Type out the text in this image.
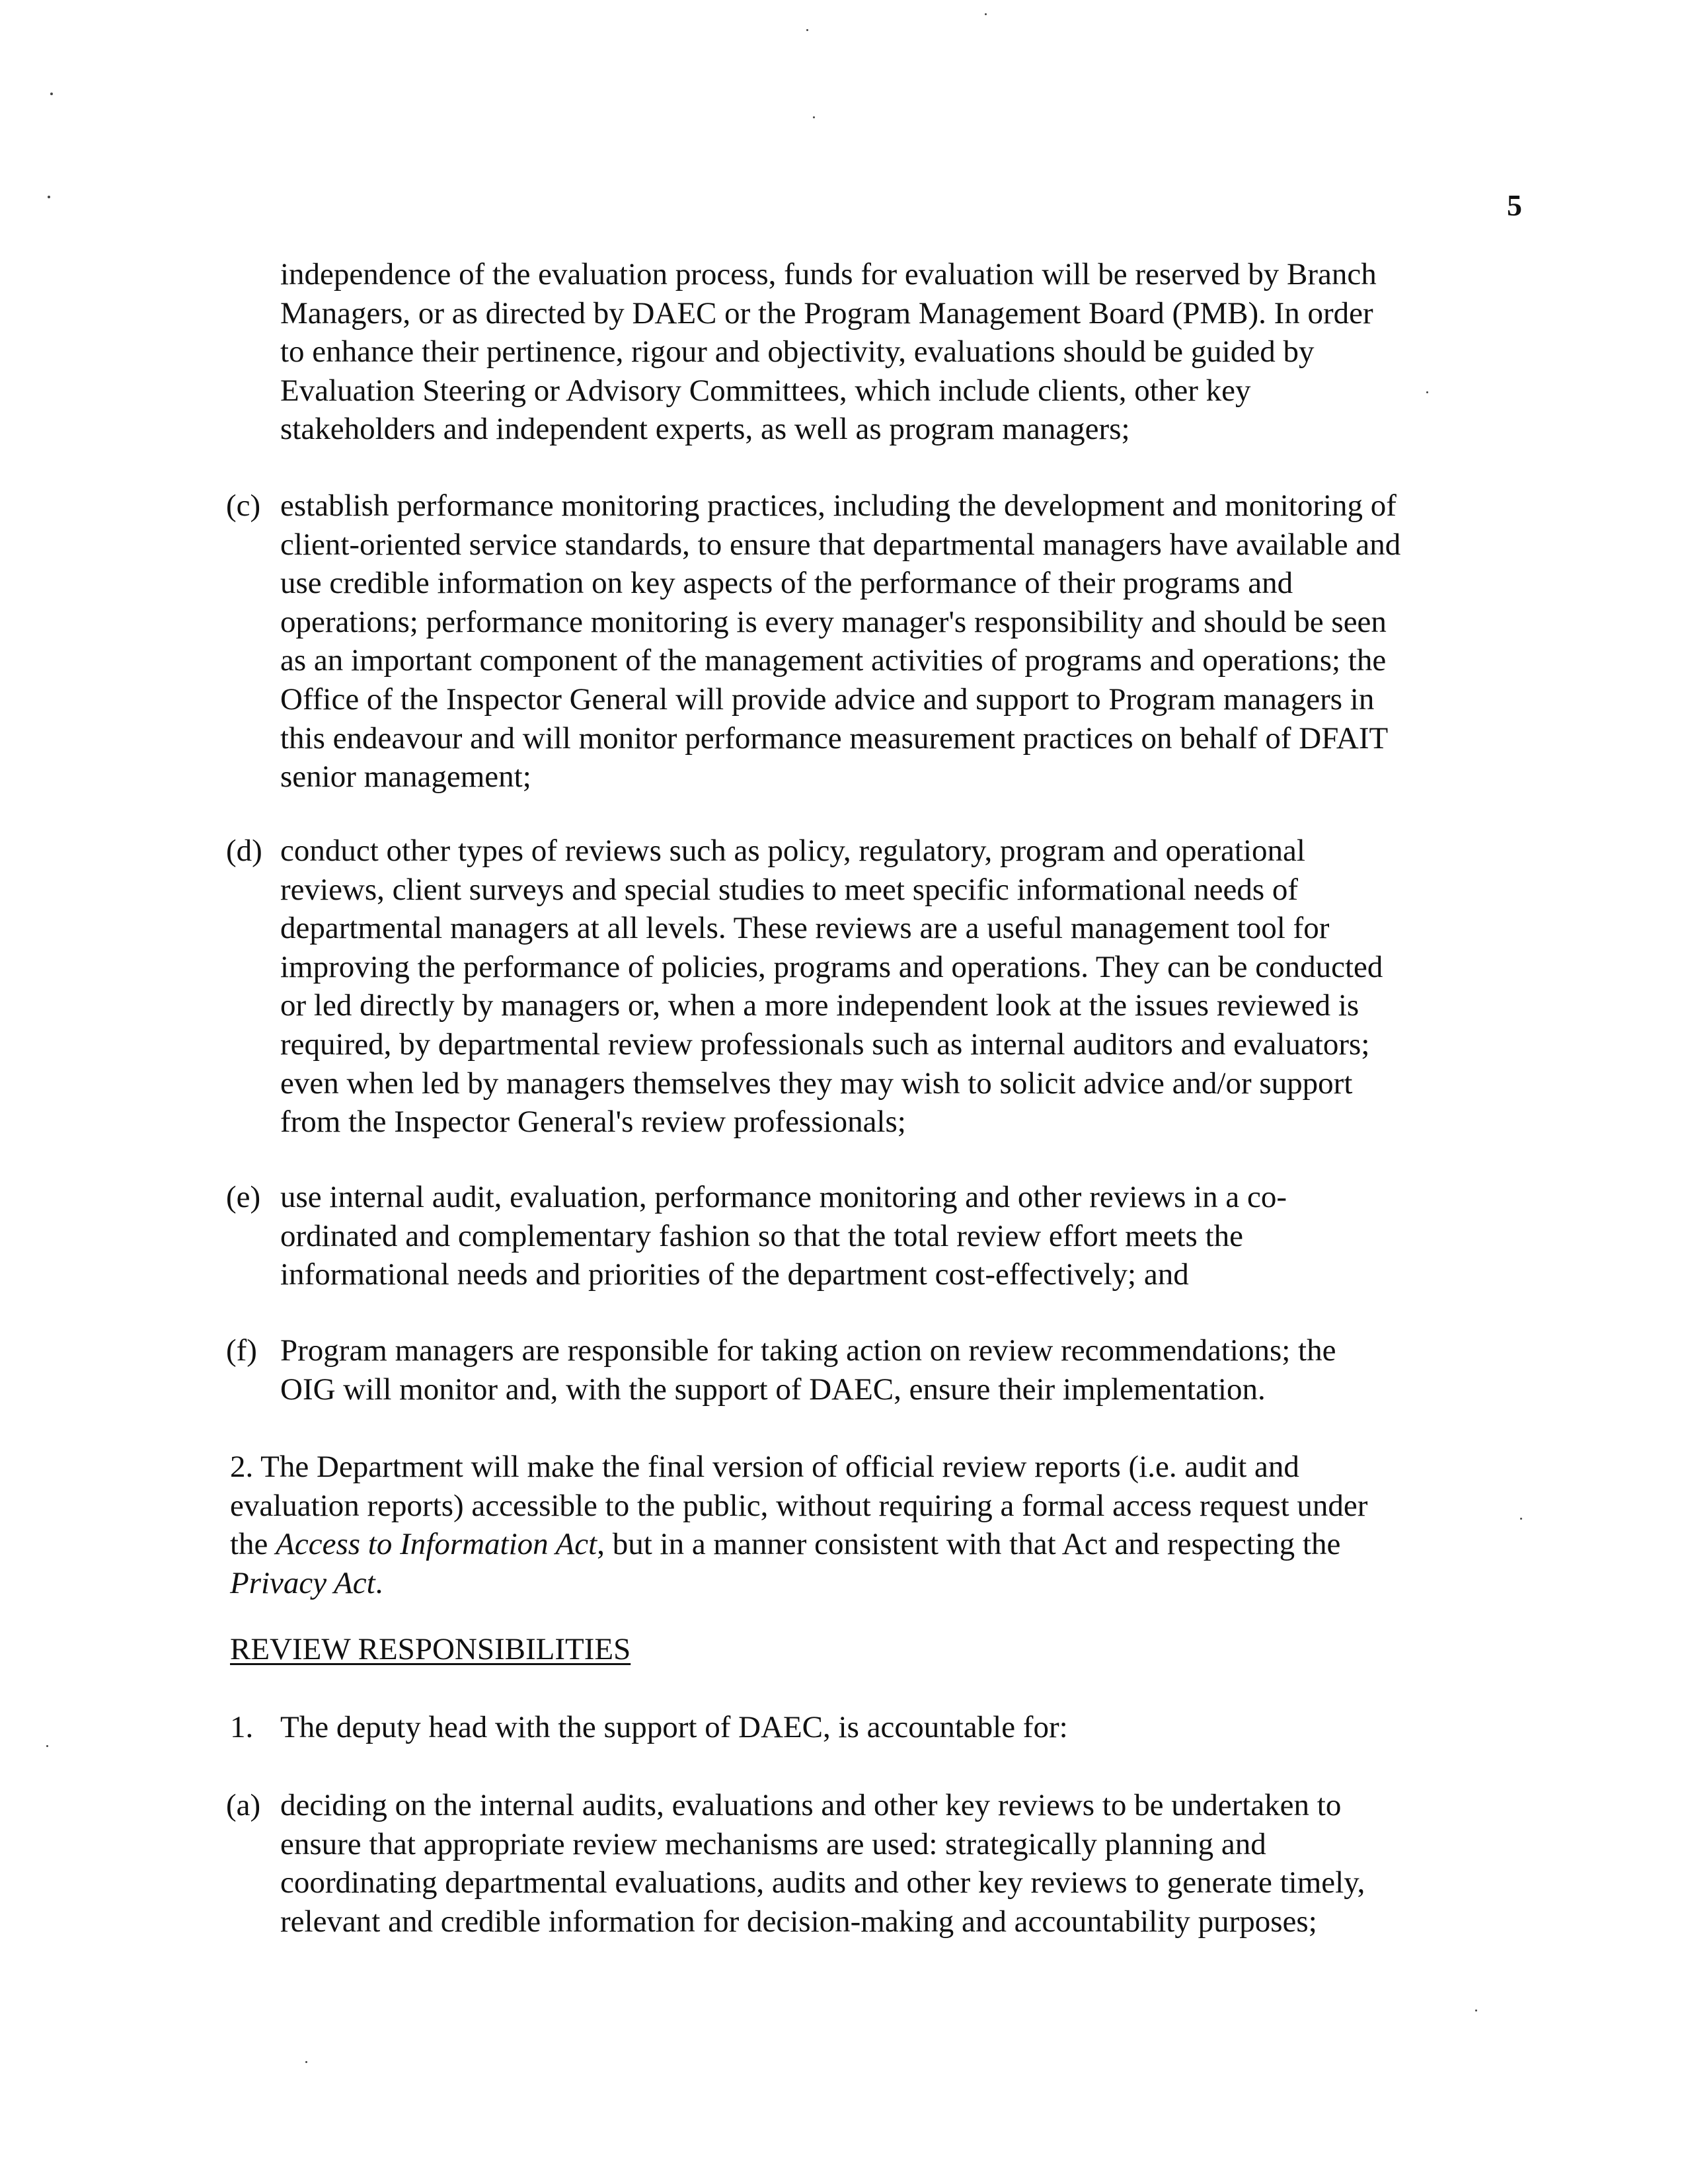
5
independence of the evaluation process, funds for evaluation will be reserved by Branch
Managers, or as directed by DAEC or the Program Management Board (PMB). In order
to enhance their pertinence, rigour and objectivity, evaluations should be guided by
Evaluation Steering or Advisory Committees, which include clients, other key
stakeholders and independent experts, as well as program managers;
(c) establish performance monitoring practices, including the development and monitoring of
client-oriented service standards, to ensure that departmental managers have available and
use credible information on key aspects of the performance of their programs and
operations; performance monitoring is every manager's responsibility and should be seen
as an important component of the management activities of programs and operations; the
Office of the Inspector General will provide advice and support to Program managers in
this endeavour and will monitor performance measurement practices on behalf of DFAIT
senior management;
(d) conduct other types of reviews such as policy, regulatory, program and operational
reviews, client surveys and special studies to meet specific informational needs of
departmental managers at all levels. These reviews are a useful management tool for
improving the performance of policies, programs and operations. They can be conducted
or led directly by managers or, when a more independent look at the issues reviewed is
required, by departmental review professionals such as internal auditors and evaluators;
even when led by managers themselves they may wish to solicit advice and/or support
from the Inspector General's review professionals;
(e) use internal audit, evaluation, performance monitoring and other reviews in a co-
ordinated and complementary fashion so that the total review effort meets the
informational needs and priorities of the department cost-effectively; and
(f) Program managers are responsible for taking action on review recommendations; the
OIG will monitor and, with the support of DAEC, ensure their implementation.
2. The Department will make the final version of official review reports (i.e. audit and
evaluation reports) accessible to the public, without requiring a formal access request under
the Access to Information Act, but in a manner consistent with that Act and respecting the
Privacy Act.
REVIEW RESPONSIBILITIES
1. The deputy head with the support of DAEC, is accountable for:
(a) deciding on the internal audits, evaluations and other key reviews to be undertaken to
ensure that appropriate review mechanisms are used: strategically planning and
coordinating departmental evaluations, audits and other key reviews to generate timely,
relevant and credible information for decision-making and accountability purposes;
